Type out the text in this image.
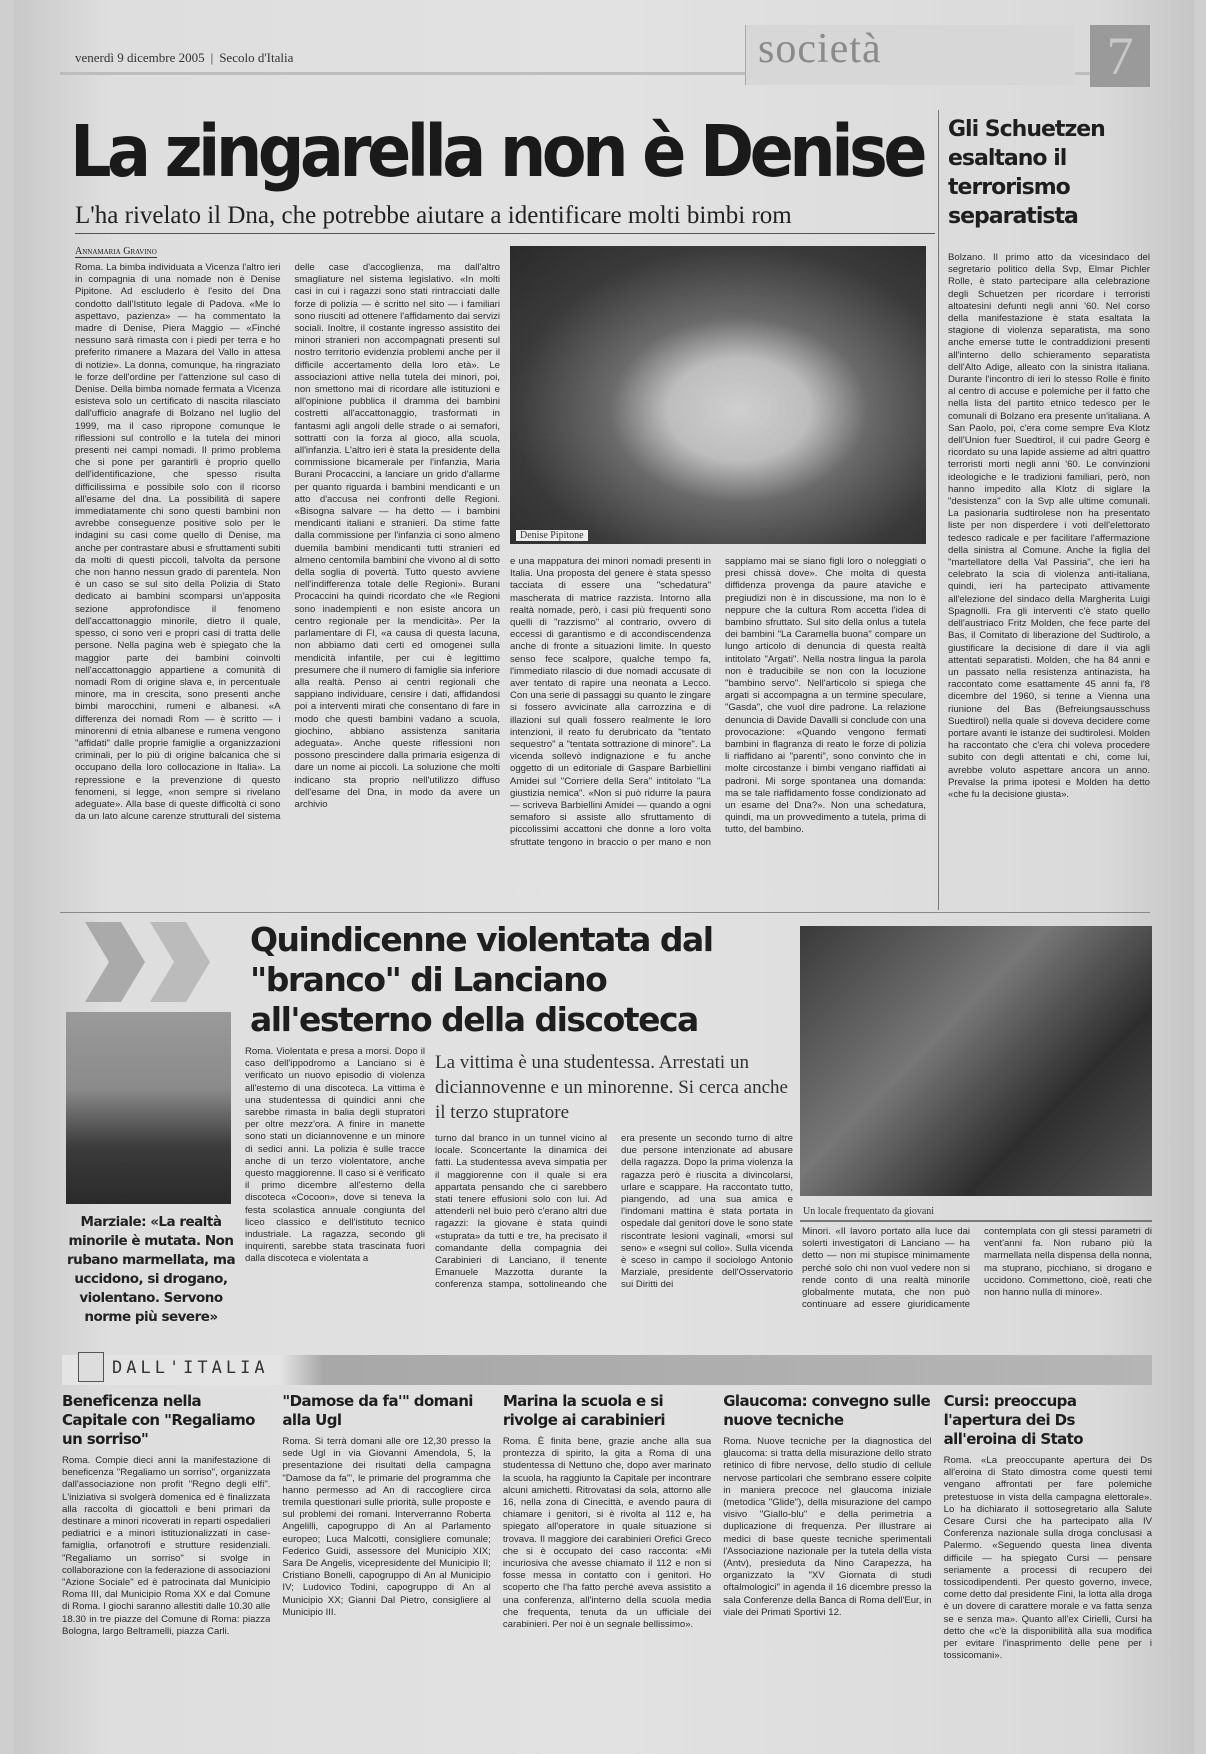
venerdì 9 dicembre 2005 | Secolo d'Italia	società	7
La zingarella non è Denise
L'ha rivelato il Dna, che potrebbe aiutare a identificare molti bimbi rom
Annamaria Gravino
Roma. La bimba individuata a Vicenza l'altro ieri in compagnia di una nomade non è Denise Pipitone. Ad escluderlo è l'esito del Dna condotto dall'Istituto legale di Padova. «Me lo aspettavo, pazienza» — ha commentato la madre di Denise, Piera Maggio — «Finché nessuno sarà rimasta con i piedi per terra e ho preferito rimanere a Mazara del Vallo in attesa di notizie». La donna, comunque, ha ringraziato le forze dell'ordine per l'attenzione sul caso di Denise. Della bimba nomade fermata a Vicenza esisteva solo un certificato di nascita rilasciato dall'ufficio anagrafe di Bolzano nel luglio del 1999, ma il caso ripropone comunque le riflessioni sul controllo e la tutela dei minori presenti nei campi nomadi. Il primo problema che si pone per garantirli è proprio quello dell'identificazione, che spesso risulta difficilissima e possibile solo con il ricorso all'esame del dna. La possibilità di sapere immediatamente chi sono questi bambini non avrebbe conseguenze positive solo per le indagini su casi come quello di Denise, ma anche per contrastare abusi e sfruttamenti subiti da molti di questi piccoli, talvolta da persone che non hanno nessun grado di parentela. Non è un caso se sul sito della Polizia di Stato dedicato ai bambini scomparsi un'apposita sezione approfondisce il fenomeno dell'accattonaggio minorile, dietro il quale, spesso, ci sono veri e propri casi di tratta delle persone. Nella pagina web è spiegato che la maggior parte dei bambini coinvolti nell'accattonaggio appartiene a comunità di nomadi Rom di origine slava e, in percentuale minore, ma in crescita, sono presenti anche bimbi marocchini, rumeni e albanesi. «A differenza dei nomadi Rom — è scritto — i minorenni di etnia albanese e rumena vengono "affidati" dalle proprie famiglie a organizzazioni criminali, per lo più di origine balcanica che si occupano della loro collocazione in Italia». La repressione e la prevenzione di questo fenomeni, si legge, «non sempre si rivelano adeguate». Alla base di queste difficoltà ci sono da un lato alcune carenze strutturali del sistema delle case d'accoglienza, ma dall'altro smagliature nel sistema legislativo. «In molti casi in cui i ragazzi sono stati rintracciati dalle forze di polizia — è scritto nel sito — i familiari sono riusciti ad ottenere l'affidamento dai servizi sociali. Inoltre, il costante ingresso assistito dei minori stranieri non accompagnati presenti sul nostro territorio evidenzia problemi anche per il difficile accertamento della loro età». Le associazioni attive nella tutela dei minori, poi, non smettono mai di ricordare alle istituzioni e all'opinione pubblica il dramma dei bambini costretti all'accattonaggio, trasformati in fantasmi agli angoli delle strade o ai semafori, sottratti con la forza al gioco, alla scuola, all'infanzia. L'altro ieri è stata la presidente della commissione bicamerale per l'infanzia, Maria Burani Procaccini, a lanciare un grido d'allarme per quanto riguarda i bambini mendicanti e un atto d'accusa nei confronti delle Regioni. «Bisogna salvare — ha detto — i bambini mendicanti italiani e stranieri. Da stime fatte dalla commissione per l'infanzia ci sono almeno duemila bambini mendicanti tutti stranieri ed almeno centomila bambini che vivono al di sotto della soglia di povertà. Tutto questo avviene nell'indifferenza totale delle Regioni». Burani Procaccini ha quindi ricordato che «le Regioni sono inadempienti e non esiste ancora un centro regionale per la mendicità». Per la parlamentare di FI, «a causa di questa lacuna, non abbiamo dati certi ed omogenei sulla mendicità infantile, per cui è legittimo presumere che il numero di famiglie sia inferiore alla realtà. Penso ai centri regionali che sappiano individuare, censire i dati, affidandosi poi a interventi mirati che consentano di fare in modo che questi bambini vadano a scuola, giochino, abbiano assistenza sanitaria adeguata». Anche queste riflessioni non possono prescindere dalla primaria esigenza di dare un nome ai piccoli. La soluzione che molti indicano sta proprio nell'utilizzo diffuso dell'esame del Dna, in modo da avere un archivio
Denise Pipitone
e una mappatura dei minori nomadi presenti in Italia. Una proposta del genere è stata spesso tacciata di essere una "schedatura" mascherata di matrice razzista. Intorno alla realtà nomade, però, i casi più frequenti sono quelli di "razzismo" al contrario, ovvero di eccessi di garantismo e di accondiscendenza anche di fronte a situazioni limite. In questo senso fece scalpore, qualche tempo fa, l'immediato rilascio di due nomadi accusate di aver tentato di rapire una neonata a Lecco. Con una serie di passaggi su quanto le zingare si fossero avvicinate alla carrozzina e di illazioni sul quali fossero realmente le loro intenzioni, il reato fu derubricato da "tentato sequestro" a "tentata sottrazione di minore". La vicenda sollevò indignazione e fu anche oggetto di un editoriale di Gaspare Barbiellini Amidei sul "Corriere della Sera" intitolato "La giustizia nemica". «Non si può ridurre la paura — scriveva Barbiellini Amidei — quando a ogni semaforo si assiste allo sfruttamento di piccolissimi accattoni che donne a loro volta sfruttate tengono in braccio o per mano e non sappiamo mai se siano figli loro o noleggiati o presi chissà dove». Che molta di questa diffidenza provenga da paure ataviche e pregiudizi non è in discussione, ma non lo è neppure che la cultura Rom accetta l'idea di bambino sfruttato. Sul sito della onlus a tutela dei bambini "La Caramella buona" compare un lungo articolo di denuncia di questa realtà intitolato "Argati". Nella nostra lingua la parola non è traducibile se non con la locuzione "bambino servo". Nell'articolo si spiega che argati si accompagna a un termine speculare, "Gasda", che vuol dire padrone. La relazione denuncia di Davide Davalli si conclude con una provocazione: «Quando vengono fermati bambini in flagranza di reato le forze di polizia li riaffidano ai "parenti", sono convinto che in molte circostanze i bimbi vengano riaffidati ai padroni. Mi sorge spontanea una domanda: ma se tale riaffidamento fosse condizionato ad un esame del Dna?». Non una schedatura, quindi, ma un provvedimento a tutela, prima di tutto, del bambino.
Gli Schuetzen esaltano il terrorismo separatista
Bolzano. Il primo atto da vicesindaco del segretario politico della Svp, Elmar Pichler Rolle, è stato partecipare alla celebrazione degli Schuetzen per ricordare i terroristi altoatesini defunti negli anni '60. Nel corso della manifestazione è stata esaltata la stagione di violenza separatista, ma sono anche emerse tutte le contraddizioni presenti all'interno dello schieramento separatista dell'Alto Adige, alleato con la sinistra italiana. Durante l'incontro di ieri lo stesso Rolle è finito al centro di accuse e polemiche per il fatto che nella lista del partito etnico tedesco per le comunali di Bolzano era presente un'italiana. A San Paolo, poi, c'era come sempre Eva Klotz dell'Union fuer Suedtirol, il cui padre Georg è ricordato su una lapide assieme ad altri quattro terroristi morti negli anni '60. Le convinzioni ideologiche e le tradizioni familiari, però, non hanno impedito alla Klotz di siglare la "desistenza" con la Svp alle ultime comunali. La pasionaria sudtirolese non ha presentato liste per non disperdere i voti dell'elettorato tedesco radicale e per facilitare l'affermazione della sinistra al Comune. Anche la figlia del "martellatore della Val Passiria", che ieri ha celebrato la scia di violenza anti-italiana, quindi, ieri ha partecipato attivamente all'elezione del sindaco della Margherita Luigi Spagnolli. Fra gli interventi c'è stato quello dell'austriaco Fritz Molden, che fece parte del Bas, il Comitato di liberazione del Sudtirolo, a giustificare la decisione di dare il via agli attentati separatisti. Molden, che ha 84 anni e un passato nella resistenza antinazista, ha raccontato come esattamente 45 anni fa, l'8 dicembre del 1960, si tenne a Vienna una riunione del Bas (Befreiungsausschuss Suedtirol) nella quale si doveva decidere come portare avanti le istanze dei sudtirolesi. Molden ha raccontato che c'era chi voleva procedere subito con degli attentati e chi, come lui, avrebbe voluto aspettare ancora un anno. Prevalse la prima ipotesi e Molden ha detto «che fu la decisione giusta».
Quindicenne violentata dal "branco" di Lanciano all'esterno della discoteca
Marziale: «La realtà minorile è mutata. Non rubano marmellata, ma uccidono, si drogano, violentano. Servono norme più severe»
Roma. Violentata e presa a morsi. Dopo il caso dell'ippodromo a Lanciano si è verificato un nuovo episodio di violenza all'esterno di una discoteca. La vittima è una studentessa di quindici anni che sarebbe rimasta in balia degli stupratori per oltre mezz'ora. A finire in manette sono stati un diciannovenne e un minore di sedici anni. La polizia è sulle tracce anche di un terzo violentatore, anche questo maggiorenne. Il caso si è verificato il primo dicembre all'esterno della discoteca «Cocoon», dove si teneva la festa scolastica annuale congiunta del liceo classico e dell'istituto tecnico industriale. La ragazza, secondo gli inquirenti, sarebbe stata trascinata fuori dalla discoteca e violentata a
La vittima è una studentessa. Arrestati un diciannovenne e un minorenne. Si cerca anche il terzo stupratore
turno dal branco in un tunnel vicino al locale. Sconcertante la dinamica dei fatti. La studentessa aveva simpatia per il maggiorenne con il quale si era appartata pensando che ci sarebbero stati tenere effusioni solo con lui. Ad attenderli nel buio però c'erano altri due ragazzi: la giovane è stata quindi «stuprata» da tutti e tre, ha precisato il comandante della compagnia dei Carabinieri di Lanciano, il tenente Emanuele Mazzotta durante la conferenza stampa, sottolineando che era presente un secondo turno di altre due persone intenzionate ad abusare della ragazza. Dopo la prima violenza la ragazza però è riuscita a divincolarsi, urlare e scappare. Ha raccontato tutto, piangendo, ad una sua amica e l'indomani mattina è stata portata in ospedale dal genitori dove le sono state riscontrate lesioni vaginali, «morsi sul seno» e «segni sul collo». Sulla vicenda è sceso in campo il sociologo Antonio Marziale, presidente dell'Osservatorio sui Diritti dei
Un locale frequentato da giovani
Minori. «Il lavoro portato alla luce dai solerti investigatori di Lanciano — ha detto — non mi stupisce minimamente perché solo chi non vuol vedere non si rende conto di una realtà minorile globalmente mutata, che non può continuare ad essere giuridicamente contemplata con gli stessi parametri di vent'anni fa. Non rubano più la marmellata nella dispensa della nonna, ma stuprano, picchiano, si drogano e uccidono. Commettono, cioè, reati che non hanno nulla di minore».
DALL'ITALIA
Beneficenza nella Capitale con "Regaliamo un sorriso"
Roma. Compie dieci anni la manifestazione di beneficenza "Regaliamo un sorriso", organizzata dall'associazione non profit "Regno degli elfi". L'iniziativa si svolgerà domenica ed è finalizzata alla raccolta di giocattoli e beni primari da destinare a minori ricoverati in reparti ospedalieri pediatrici e a minori istituzionalizzati in case-famiglia, orfanotrofi e strutture residenziali. "Regaliamo un sorriso" si svolge in collaborazione con la federazione di associazioni "Azione Sociale" ed è patrocinata dal Municipio Roma III, dal Municipio Roma XX e dal Comune di Roma. I giochi saranno allestiti dalle 10.30 alle 18.30 in tre piazze del Comune di Roma: piazza Bologna, largo Beltramelli, piazza Carli.
"Damose da fa'" domani alla Ugl
Roma. Si terrà domani alle ore 12,30 presso la sede Ugl in via Giovanni Amendola, 5, la presentazione dei risultati della campagna "Damose da fa'", le primarie del programma che hanno permesso ad An di raccogliere circa tremila questionari sulle priorità, sulle proposte e sul problemi dei romani. Interverranno Roberta Angelilli, capogruppo di An al Parlamento europeo; Luca Malcotti, consigliere comunale; Federico Guidi, assessore del Municipio XIX; Sara De Angelis, vicepresidente del Municipio II; Cristiano Bonelli, capogruppo di An al Municipio IV; Ludovico Todini, capogruppo di An al Municipio XX; Gianni Dal Pietro, consigliere al Municipio III.
Marina la scuola e si rivolge ai carabinieri
Roma. È finita bene, grazie anche alla sua prontezza di spirito, la gita a Roma di una studentessa di Nettuno che, dopo aver marinato la scuola, ha raggiunto la Capitale per incontrare alcuni amichetti. Ritrovatasi da sola, attorno alle 16, nella zona di Cinecittà, e avendo paura di chiamare i genitori, si è rivolta al 112 e, ha spiegato all'operatore in quale situazione si trovava. Il maggiore dei carabinieri Orefici Greco che si è occupato del caso racconta: «Mi incuriosiva che avesse chiamato il 112 e non si fosse messa in contatto con i genitori. Ho scoperto che l'ha fatto perché aveva assistito a una conferenza, all'interno della scuola media che frequenta, tenuta da un ufficiale dei carabinieri. Per noi è un segnale bellissimo».
Glaucoma: convegno sulle nuove tecniche
Roma. Nuove tecniche per la diagnostica del glaucoma: si tratta della misurazione dello strato retinico di fibre nervose, dello studio di cellule nervose particolari che sembrano essere colpite in maniera precoce nel glaucoma iniziale (metodica "Glide"), della misurazione del campo visivo "Giallo-blu" e della perimetria a duplicazione di frequenza. Per illustrare ai medici di base queste tecniche sperimentali l'Associazione nazionale per la tutela della vista (Antv), presieduta da Nino Carapezza, ha organizzato la "XV Giornata di studi oftalmologici" in agenda il 16 dicembre presso la sala Conferenze della Banca di Roma dell'Eur, in viale dei Primati Sportivi 12.
Cursi: preoccupa l'apertura dei Ds all'eroina di Stato
Roma. «La preoccupante apertura dei Ds all'eroina di Stato dimostra come questi temi vengano affrontati per fare polemiche pretestuose in vista della campagna elettorale». Lo ha dichiarato il sottosegretario alla Salute Cesare Cursi che ha partecipato alla IV Conferenza nazionale sulla droga conclusasi a Palermo. «Seguendo questa linea diventa difficile — ha spiegato Cursi — pensare seriamente a processi di recupero dei tossicodipendenti. Per questo governo, invece, come detto dal presidente Fini, la lotta alla droga è un dovere di carattere morale e va fatta senza se e senza ma». Quanto all'ex Cirielli, Cursi ha detto che «c'è la disponibilità alla sua modifica per evitare l'inasprimento delle pene per i tossicomani».
